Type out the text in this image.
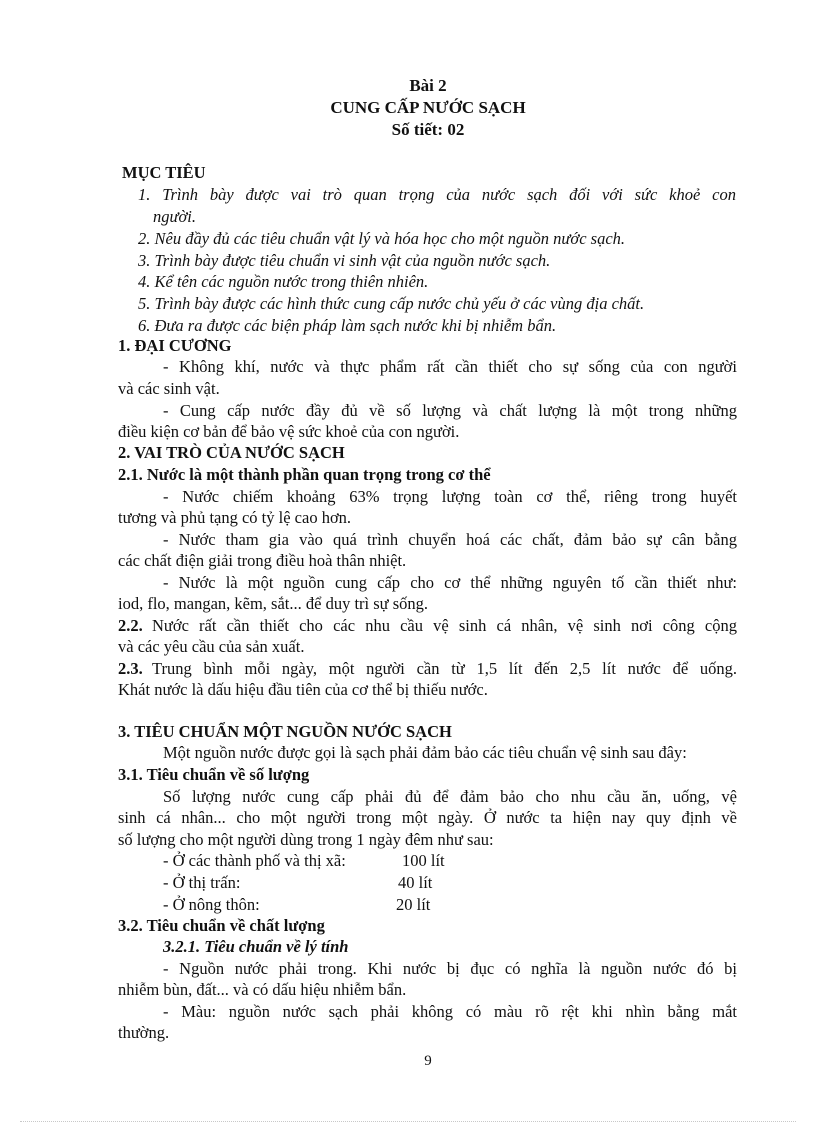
Bài 2
CUNG CẤP NƯỚC SẠCH
Số tiết: 02
MỤC TIÊU
1. Trình bày được vai trò quan trọng của nước sạch đối với sức khoẻ con
người.
2. Nêu đầy đủ các tiêu chuẩn vật lý và hóa học cho một nguồn nước sạch.
3. Trình bày được tiêu chuẩn vi sinh vật của nguồn nước sạch.
4. Kể tên các nguồn nước trong thiên nhiên.
5. Trình bày được các hình thức cung cấp nước chủ yếu ở các vùng địa chất.
6. Đưa ra được các biện pháp làm sạch nước khi bị nhiễm bẩn.
1. ĐẠI CƯƠNG
- Không khí, nước và thực phẩm rất cần thiết cho sự sống của con người
và các sinh vật.
- Cung cấp nước đầy đủ về số lượng và chất lượng là một trong những
điều kiện cơ bản để bảo vệ sức khoẻ của con người.
2. VAI TRÒ CỦA NƯỚC SẠCH
2.1. Nước là một thành phần quan trọng trong cơ thể
- Nước chiếm khoảng 63% trọng lượng toàn cơ thể, riêng trong huyết
tương và phủ tạng có tỷ lệ cao hơn.
- Nước tham gia vào quá trình chuyển hoá các chất, đảm bảo sự cân bằng
các chất điện giải trong điều hoà thân nhiệt.
- Nước là một nguồn cung cấp cho cơ thể những nguyên tố cần thiết như:
iod, flo, mangan, kẽm, sắt... để duy trì sự sống.
2.2. Nước rất cần thiết cho các nhu cầu vệ sinh cá nhân, vệ sinh nơi công cộng
và các yêu cầu của sản xuất.
2.3. Trung bình mỗi ngày, một người cần từ 1,5 lít đến 2,5 lít nước để uống.
Khát nước là dấu hiệu đầu tiên của cơ thể bị thiếu nước.
3. TIÊU CHUẨN MỘT NGUỒN NƯỚC SẠCH
Một nguồn nước được gọi là sạch phải đảm bảo các tiêu chuẩn vệ sinh sau đây:
3.1. Tiêu chuẩn về số lượng
Số lượng nước cung cấp phải đủ để đảm bảo cho nhu cầu ăn, uống, vệ
sinh cá nhân... cho một người trong một ngày. Ở nước ta hiện nay quy định về
số lượng cho một người dùng trong 1 ngày đêm như sau:
- Ở các thành phố và thị xã:	100 lít
- Ở thị trấn:	40 lít
- Ở nông thôn:	20 lít
3.2. Tiêu chuẩn về chất lượng
3.2.1. Tiêu chuẩn về lý tính
- Nguồn nước phải trong. Khi nước bị đục có nghĩa là nguồn nước đó bị
nhiễm bùn, đất... và có dấu hiệu nhiễm bẩn.
- Màu: nguồn nước sạch phải không có màu rõ rệt khi nhìn bằng mắt
thường.
9
